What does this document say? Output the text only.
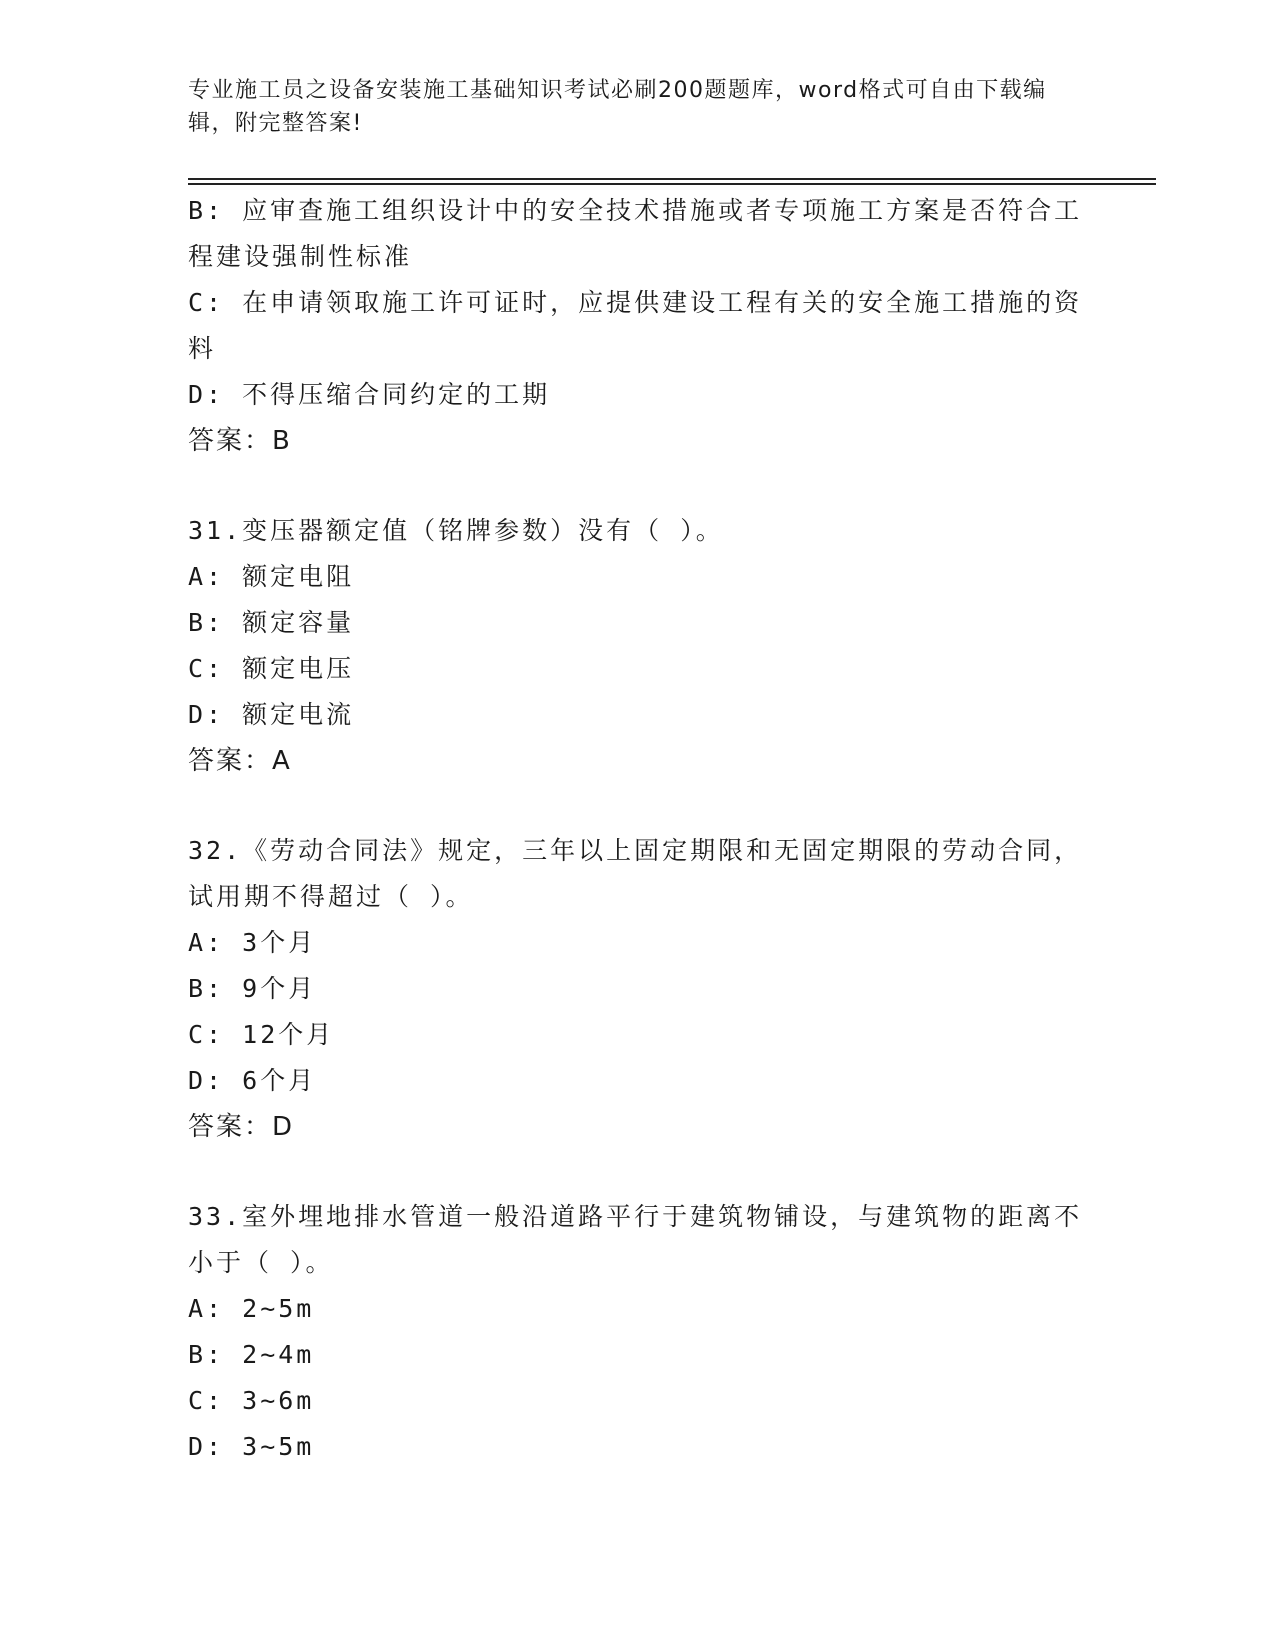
专业施工员之设备安装施工基础知识考试必刷200题题库，word格式可自由下载编辑，附完整答案!
B: 应审查施工组织设计中的安全技术措施或者专项施工方案是否符合工程建设强制性标准
C: 在申请领取施工许可证时，应提供建设工程有关的安全施工措施的资料
D: 不得压缩合同约定的工期
答案：B
31.变压器额定值（铭牌参数）没有（ ）。
A: 额定电阻
B: 额定容量
C: 额定电压
D: 额定电流
答案：A
32.《劳动合同法》规定，三年以上固定期限和无固定期限的劳动合同，试用期不得超过（ ）。
A: 3个月
B: 9个月
C: 12个月
D: 6个月
答案：D
33.室外埋地排水管道一般沿道路平行于建筑物铺设，与建筑物的距离不小于（ ）。
A: 2~5m
B: 2~4m
C: 3~6m
D: 3~5m
